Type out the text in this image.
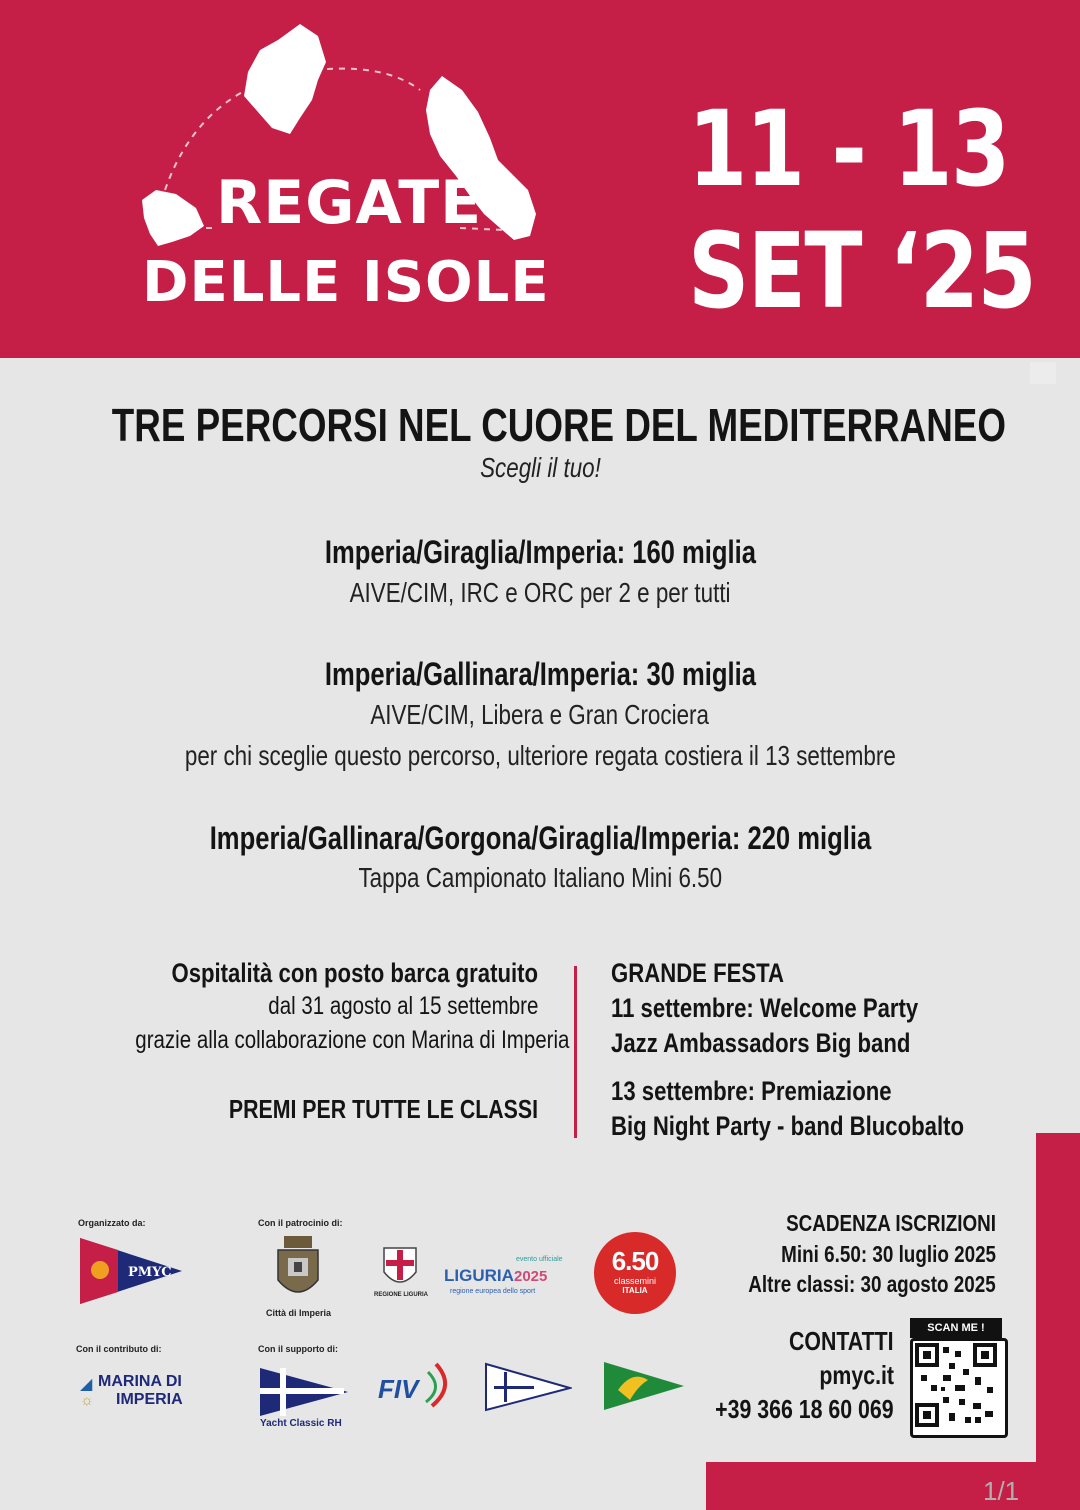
REGATE
DELLE ISOLE
11 - 13
SET ‘25
TRE PERCORSI NEL CUORE DEL MEDITERRANEO
Scegli il tuo!
Imperia/Giraglia/Imperia: 160 miglia
AIVE/CIM, IRC e ORC per 2 e per tutti
Imperia/Gallinara/Imperia: 30 miglia
AIVE/CIM, Libera e Gran Crociera
per chi sceglie questo percorso, ulteriore regata costiera il 13 settembre
Imperia/Gallinara/Gorgona/Giraglia/Imperia: 220 miglia
Tappa Campionato Italiano Mini 6.50
Ospitalità con posto barca gratuito
dal 31 agosto al 15 settembre
grazie alla collaborazione con Marina di Imperia
PREMI PER TUTTE LE CLASSI
GRANDE FESTA
11 settembre: Welcome Party
Jazz Ambassadors Big band
13 settembre: Premiazione
Big Night Party - band Blucobalto
SCADENZA ISCRIZIONI
Mini 6.50: 30 luglio 2025
Altre classi: 30 agosto 2025
CONTATTI
pmyc.it
+39 366 18 60 069
SCAN ME !
Organizzato da:	Con il patrocinio di:
Con il contributo di:	Con il supporto di:
PMYC
Città di Imperia
REGIONE LIGURIA
evento ufficiale
LIGURIA 2025
regione europea dello sport
6.50
classemini
ITALIA
◢ MARINA DI
☼ IMPERIA
Yacht Classic RH
FIV
1/1
